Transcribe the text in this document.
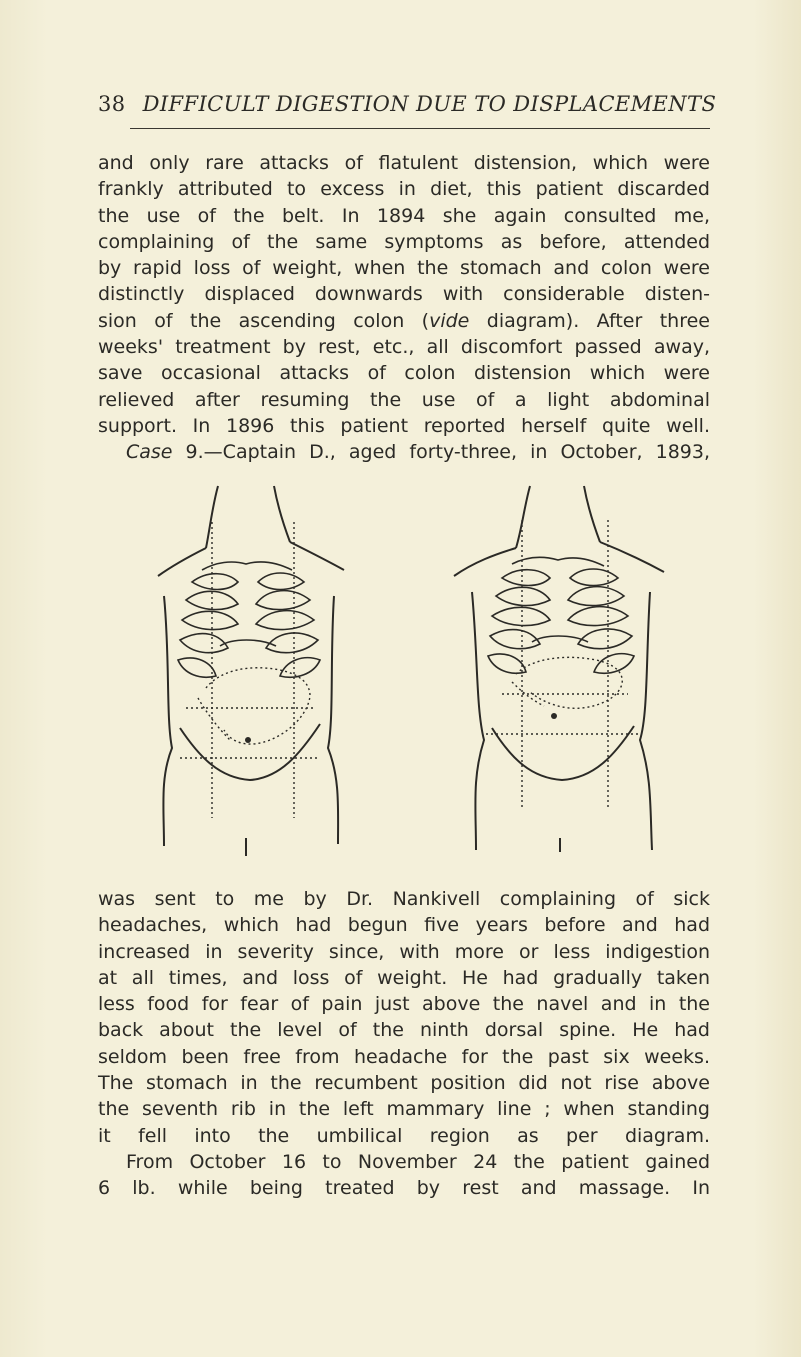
38 DIFFICULT DIGESTION DUE TO DISPLACEMENTS
and only rare attacks of flatulent distension, which were
frankly attributed to excess in diet, this patient discarded
the use of the belt. In 1894 she again consulted me,
complaining of the same symptoms as before, attended
by rapid loss of weight, when the stomach and colon were
distinctly displaced downwards with considerable disten-
sion of the ascending colon (vide diagram). After three
weeks' treatment by rest, etc., all discomfort passed away,
save occasional attacks of colon distension which were
relieved after resuming the use of a light abdominal
support. In 1896 this patient reported herself quite well.
Case 9.—Captain D., aged forty-three, in October, 1893,
was sent to me by Dr. Nankivell complaining of sick
headaches, which had begun five years before and had
increased in severity since, with more or less indigestion
at all times, and loss of weight. He had gradually taken
less food for fear of pain just above the navel and in the
back about the level of the ninth dorsal spine. He had
seldom been free from headache for the past six weeks.
The stomach in the recumbent position did not rise above
the seventh rib in the left mammary line ; when standing
it fell into the umbilical region as per diagram.
From October 16 to November 24 the patient gained
6 lb. while being treated by rest and massage. In
